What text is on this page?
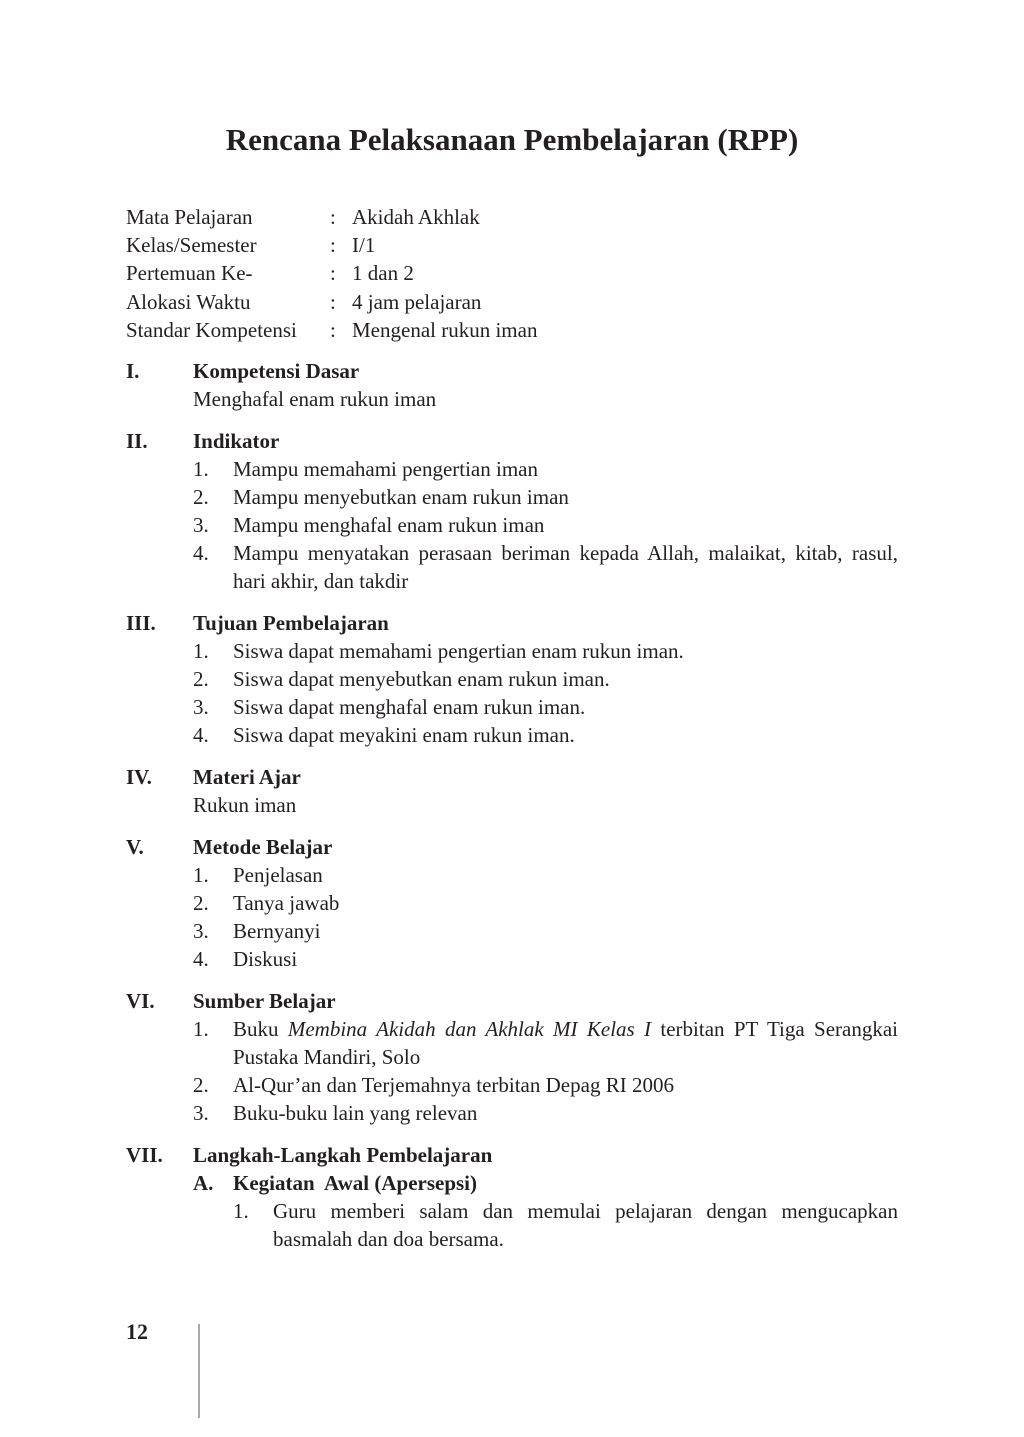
Rencana Pelaksanaan Pembelajaran (RPP)
Mata Pelajaran	: Akidah Akhlak
Kelas/Semester	: I/1
Pertemuan Ke-	: 1 dan 2
Alokasi Waktu	: 4 jam pelajaran
Standar Kompetensi	: Mengenal rukun iman
I.	Kompetensi Dasar
Menghafal enam rukun iman
II.	Indikator
1.	Mampu memahami pengertian iman
2.	Mampu menyebutkan enam rukun iman
3.	Mampu menghafal enam rukun iman
4.	Mampu menyatakan perasaan beriman kepada Allah, malaikat, kitab, rasul, hari akhir, dan takdir
III.	Tujuan Pembelajaran
1.	Siswa dapat memahami pengertian enam rukun iman.
2.	Siswa dapat menyebutkan enam rukun iman.
3.	Siswa dapat menghafal enam rukun iman.
4.	Siswa dapat meyakini enam rukun iman.
IV.	Materi Ajar
Rukun iman
V.	Metode Belajar
1.	Penjelasan
2.	Tanya jawab
3.	Bernyanyi
4.	Diskusi
VI.	Sumber Belajar
1.	Buku Membina Akidah dan Akhlak MI Kelas I terbitan PT Tiga Serangkai Pustaka Mandiri, Solo
2.	Al-Qur’an dan Terjemahnya terbitan Depag RI 2006
3.	Buku-buku lain yang relevan
VII.	Langkah-Langkah Pembelajaran
A. Kegiatan  Awal (Apersepsi)
1.	Guru memberi salam dan memulai pelajaran dengan mengucapkan basmalah dan doa bersama.
12
